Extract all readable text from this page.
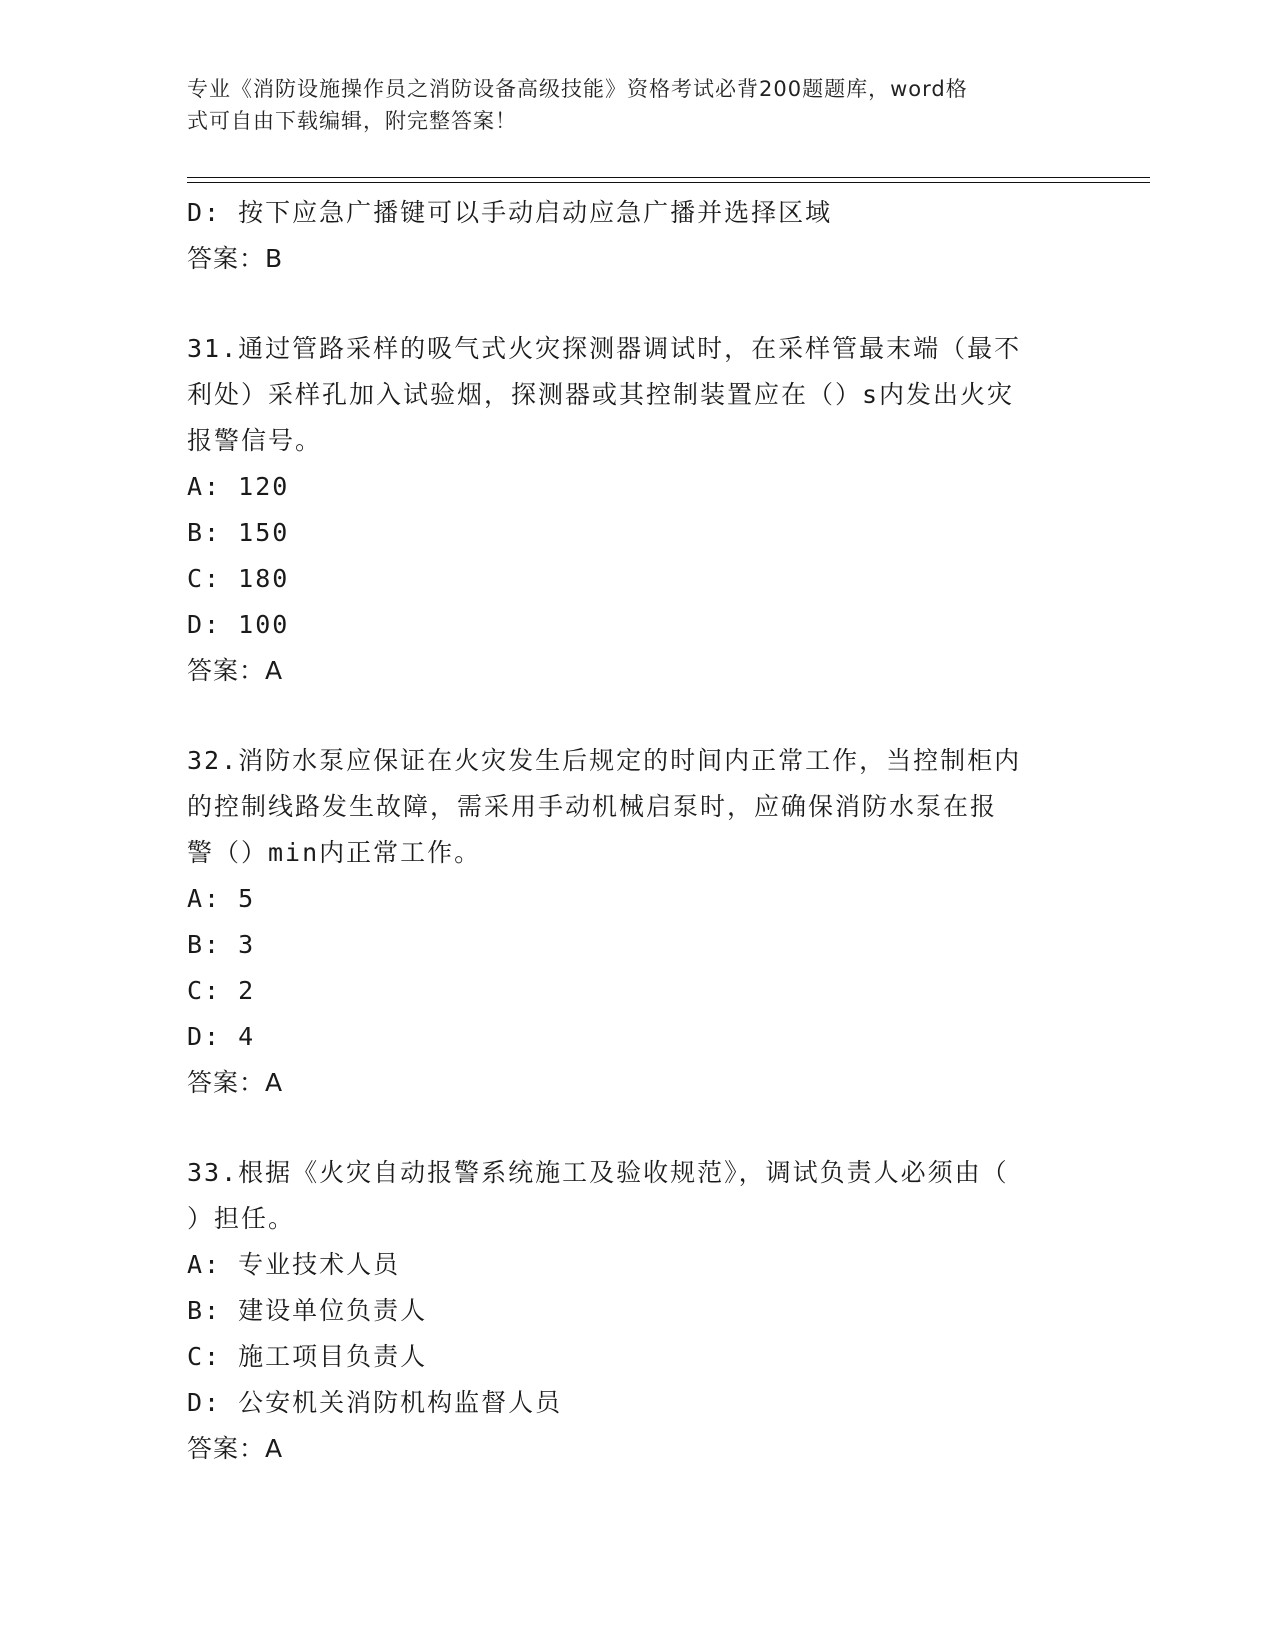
专业《消防设施操作员之消防设备高级技能》资格考试必背200题题库，word格
式可自由下载编辑，附完整答案！
D: 按下应急广播键可以手动启动应急广播并选择区域
答案：B
31.通过管路采样的吸气式火灾探测器调试时，在采样管最末端（最不
利处）采样孔加入试验烟，探测器或其控制装置应在（）s内发出火灾
报警信号。
A: 120
B: 150
C: 180
D: 100
答案：A
32.消防水泵应保证在火灾发生后规定的时间内正常工作，当控制柜内
的控制线路发生故障，需采用手动机械启泵时，应确保消防水泵在报
警（）min内正常工作。
A: 5
B: 3
C: 2
D: 4
答案：A
33.根据《火灾自动报警系统施工及验收规范》，调试负责人必须由（
）担任。
A: 专业技术人员
B: 建设单位负责人
C: 施工项目负责人
D: 公安机关消防机构监督人员
答案：A
